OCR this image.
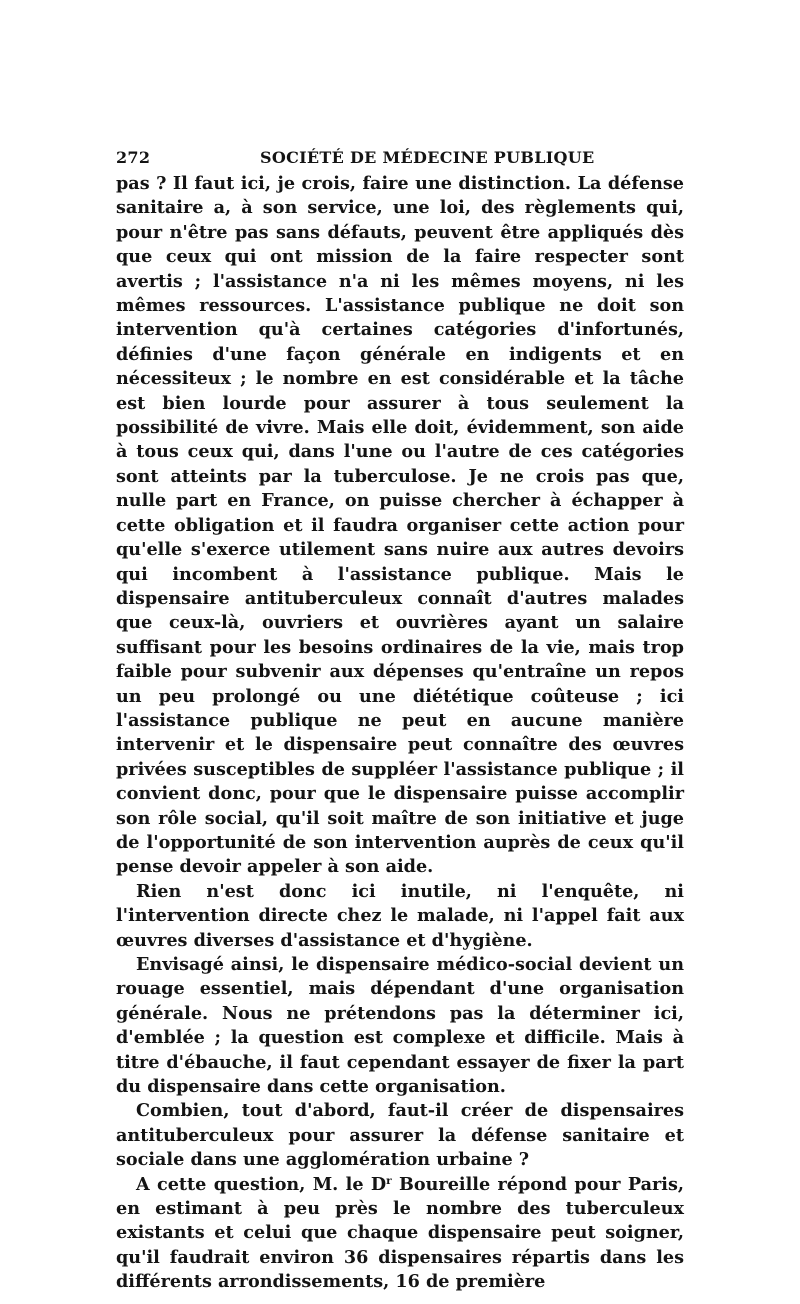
272	SOCIÉTÉ DE MÉDECINE PUBLIQUE

pas ? Il faut ici, je crois, faire une distinction. La défense sanitaire a, à son service, une loi, des règlements qui, pour n'être pas sans défauts, peuvent être appliqués dès que ceux qui ont mission de la faire respecter sont avertis ; l'assistance n'a ni les mêmes moyens, ni les mêmes ressources. L'assistance publique ne doit son intervention qu'à certaines catégories d'infortunés, définies d'une façon générale en indigents et en nécessiteux ; le nombre en est considérable et la tâche est bien lourde pour assurer à tous seulement la possibilité de vivre. Mais elle doit, évidemment, son aide à tous ceux qui, dans l'une ou l'autre de ces catégories sont atteints par la tuberculose. Je ne crois pas que, nulle part en France, on puisse chercher à échapper à cette obligation et il faudra organiser cette action pour qu'elle s'exerce utilement sans nuire aux autres devoirs qui incombent à l'assistance publique. Mais le dispensaire antituberculeux connaît d'autres malades que ceux-là, ouvriers et ouvrières ayant un salaire suffisant pour les besoins ordinaires de la vie, mais trop faible pour subvenir aux dépenses qu'entraîne un repos un peu prolongé ou une diététique coûteuse ; ici l'assistance publique ne peut en aucune manière intervenir et le dispensaire peut connaître des œuvres privées susceptibles de suppléer l'assistance publique ; il convient donc, pour que le dispensaire puisse accomplir son rôle social, qu'il soit maître de son initiative et juge de l'opportunité de son intervention auprès de ceux qu'il pense devoir appeler à son aide.

Rien n'est donc ici inutile, ni l'enquête, ni l'intervention directe chez le malade, ni l'appel fait aux œuvres diverses d'assistance et d'hygiène.

Envisagé ainsi, le dispensaire médico-social devient un rouage essentiel, mais dépendant d'une organisation générale. Nous ne prétendons pas la déterminer ici, d'emblée ; la question est complexe et difficile. Mais à titre d'ébauche, il faut cependant essayer de fixer la part du dispensaire dans cette organisation.

Combien, tout d'abord, faut-il créer de dispensaires antituberculeux pour assurer la défense sanitaire et sociale dans une agglomération urbaine ?

A cette question, M. le $D^r$ Boureille répond pour Paris, en estimant à peu près le nombre des tuberculeux existants et celui que chaque dispensaire peut soigner, qu'il faudrait environ 36 dispensaires répartis dans les différents arrondissements, 16 de première
